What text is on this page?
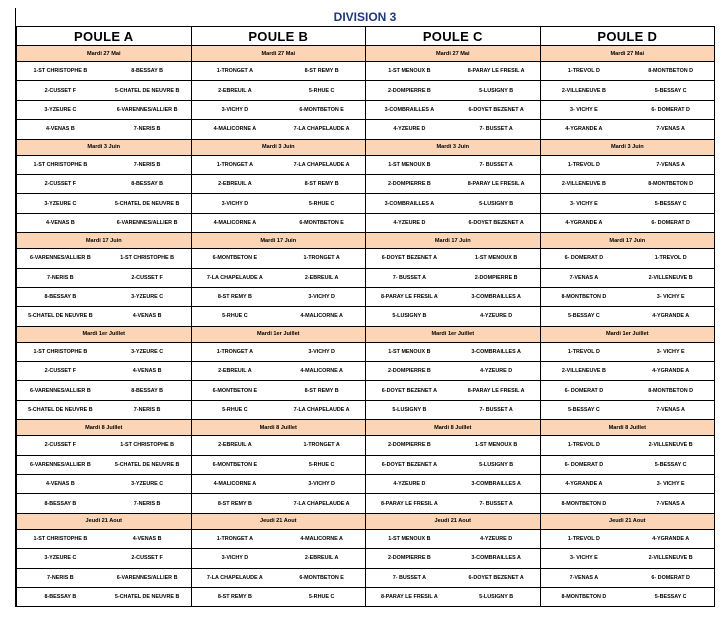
DIVISION 3
POULE A		POULE B		POULE C		POULE D	
Mardi 27 Mai		Mardi 27 Mai		Mardi 27 Mai		Mardi 27 Mai	
1-ST CHRISTOPHE B	8-BESSAY B	1-TRONGET A	8-ST REMY B	1-ST MENOUX B	8-PARAY LE FRESIL A	1-TREVOL D	8-MONTBETON D
2-CUSSET F	5-CHATEL DE NEUVRE B	2-EBREUIL A	5-RHUE C	2-DOMPIERRE B	5-LUSIGNY B	2-VILLENEUVE B	5-BESSAY C
3-YZEURE C	6-VARENNES/ALLIER B	3-VICHY D	6-MONTBETON E	3-COMBRAILLES A	6-DOYET BEZENET A	3- VICHY E	6- DOMERAT D
4-VENAS B	7-NERIS B	4-MALICORNE A	7-LA CHAPELAUDE A	4-YZEURE D	7- BUSSET A	4-YGRANDE A	7-VENAS A
Mardi 3 Juin		Mardi 3 Juin		Mardi 3 Juin		Mardi 3 Juin	
1-ST CHRISTOPHE B	7-NERIS B	1-TRONGET A	7-LA CHAPELAUDE A	1-ST MENOUX B	7- BUSSET A	1-TREVOL D	7-VENAS A
2-CUSSET F	8-BESSAY B	2-EBREUIL A	8-ST REMY B	2-DOMPIERRE B	8-PARAY LE FRESIL A	2-VILLENEUVE B	8-MONTBETON D
3-YZEURE C	5-CHATEL DE NEUVRE B	3-VICHY D	5-RHUE C	3-COMBRAILLES A	5-LUSIGNY B	3- VICHY E	5-BESSAY C
4-VENAS B	6-VARENNES/ALLIER B	4-MALICORNE A	6-MONTBETON E	4-YZEURE D	6-DOYET BEZENET A	4-YGRANDE A	6- DOMERAT D
Mardi 17 Juin		Mardi 17 Juin		Mardi 17 Juin		Mardi 17 Juin	
6-VARENNES/ALLIER B	1-ST CHRISTOPHE B	6-MONTBETON E	1-TRONGET A	6-DOYET BEZENET A	1-ST MENOUX B	6- DOMERAT D	1-TREVOL D
7-NERIS B	2-CUSSET F	7-LA CHAPELAUDE A	2-EBREUIL A	7- BUSSET A	2-DOMPIERRE B	7-VENAS A	2-VILLENEUVE B
8-BESSAY B	3-YZEURE C	8-ST REMY B	3-VICHY D	8-PARAY LE FRESIL A	3-COMBRAILLES A	8-MONTBETON D	3- VICHY E
5-CHATEL DE NEUVRE B	4-VENAS B	5-RHUE C	4-MALICORNE A	5-LUSIGNY B	4-YZEURE D	5-BESSAY C	4-YGRANDE A
Mardi 1er Juillet		Mardi 1er Juillet		Mardi 1er Juillet		Mardi 1er Juillet	
1-ST CHRISTOPHE B	3-YZEURE C	1-TRONGET A	3-VICHY D	1-ST MENOUX B	3-COMBRAILLES A	1-TREVOL D	3- VICHY E
2-CUSSET F	4-VENAS B	2-EBREUIL A	4-MALICORNE A	2-DOMPIERRE B	4-YZEURE D	2-VILLENEUVE B	4-YGRANDE A
6-VARENNES/ALLIER B	8-BESSAY B	6-MONTBETON E	8-ST REMY B	6-DOYET BEZENET A	8-PARAY LE FRESIL A	6- DOMERAT D	8-MONTBETON D
5-CHATEL DE NEUVRE B	7-NERIS B	5-RHUE C	7-LA CHAPELAUDE A	5-LUSIGNY B	7- BUSSET A	5-BESSAY C	7-VENAS A
Mardi 8 Juillet		Mardi 8 Juillet		Mardi 8 Juillet		Mardi 8 Juillet	
2-CUSSET F	1-ST CHRISTOPHE B	2-EBREUIL A	1-TRONGET A	2-DOMPIERRE B	1-ST MENOUX B	1-TREVOL D	2-VILLENEUVE B
6-VARENNES/ALLIER B	5-CHATEL DE NEUVRE B	6-MONTBETON E	5-RHUE C	6-DOYET BEZENET A	5-LUSIGNY B	6- DOMERAT D	5-BESSAY C
4-VENAS B	3-YZEURE C	4-MALICORNE A	3-VICHY D	4-YZEURE D	3-COMBRAILLES A	4-YGRANDE A	3- VICHY E
8-BESSAY B	7-NERIS B	8-ST REMY B	7-LA CHAPELAUDE A	8-PARAY LE FRESIL A	7- BUSSET A	8-MONTBETON D	7-VENAS A
Jeudi 21 Aout		Jeudi 21 Aout		Jeudi 21 Aout		Jeudi 21 Aout	
1-ST CHRISTOPHE B	4-VENAS B	1-TRONGET A	4-MALICORNE A	1-ST MENOUX B	4-YZEURE D	1-TREVOL D	4-YGRANDE A
3-YZEURE C	2-CUSSET F	3-VICHY D	2-EBREUIL A	2-DOMPIERRE B	3-COMBRAILLES A	3- VICHY E	2-VILLENEUVE B
7-NERIS B	6-VARENNES/ALLIER B	7-LA CHAPELAUDE A	6-MONTBETON E	7- BUSSET A	6-DOYET BEZENET A	7-VENAS A	6- DOMERAT D
8-BESSAY B	5-CHATEL DE NEUVRE B	8-ST REMY B	5-RHUE C	8-PARAY LE FRESIL A	5-LUSIGNY B	8-MONTBETON D	5-BESSAY C
